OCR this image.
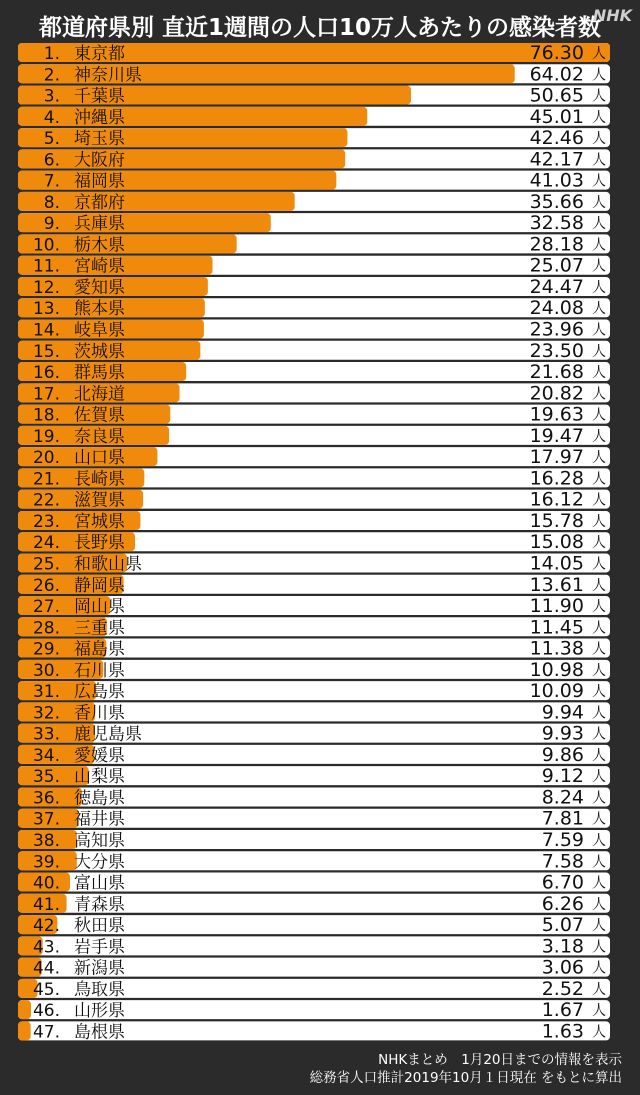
都道府県別 直近1週間の人口10万人あたりの感染者数
NHK
1. 東京都	76.30 人
2. 神奈川県	64.02 人
3. 千葉県	50.65 人
4. 沖縄県	45.01 人
5. 埼玉県	42.46 人
6. 大阪府	42.17 人
7. 福岡県	41.03 人
8. 京都府	35.66 人
9. 兵庫県	32.58 人
10. 栃木県	28.18 人
11. 宮崎県	25.07 人
12. 愛知県	24.47 人
13. 熊本県	24.08 人
14. 岐阜県	23.96 人
15. 茨城県	23.50 人
16. 群馬県	21.68 人
17. 北海道	20.82 人
18. 佐賀県	19.63 人
19. 奈良県	19.47 人
20. 山口県	17.97 人
21. 長崎県	16.28 人
22. 滋賀県	16.12 人
23. 宮城県	15.78 人
24. 長野県	15.08 人
25. 和歌山県	14.05 人
26. 静岡県	13.61 人
27. 岡山県	11.90 人
28. 三重県	11.45 人
29. 福島県	11.38 人
30. 石川県	10.98 人
31. 広島県	10.09 人
32. 香川県	9.94 人
33. 鹿児島県	9.93 人
34. 愛媛県	9.86 人
35. 山梨県	9.12 人
36. 徳島県	8.24 人
37. 福井県	7.81 人
38. 高知県	7.59 人
39. 大分県	7.58 人
40. 富山県	6.70 人
41. 青森県	6.26 人
42. 秋田県	5.07 人
43. 岩手県	3.18 人
44. 新潟県	3.06 人
45. 鳥取県	2.52 人
46. 山形県	1.67 人
47. 島根県	1.63 人
NHKまとめ　1月20日までの情報を表示
総務省人口推計2019年10月１日現在 をもとに算出
